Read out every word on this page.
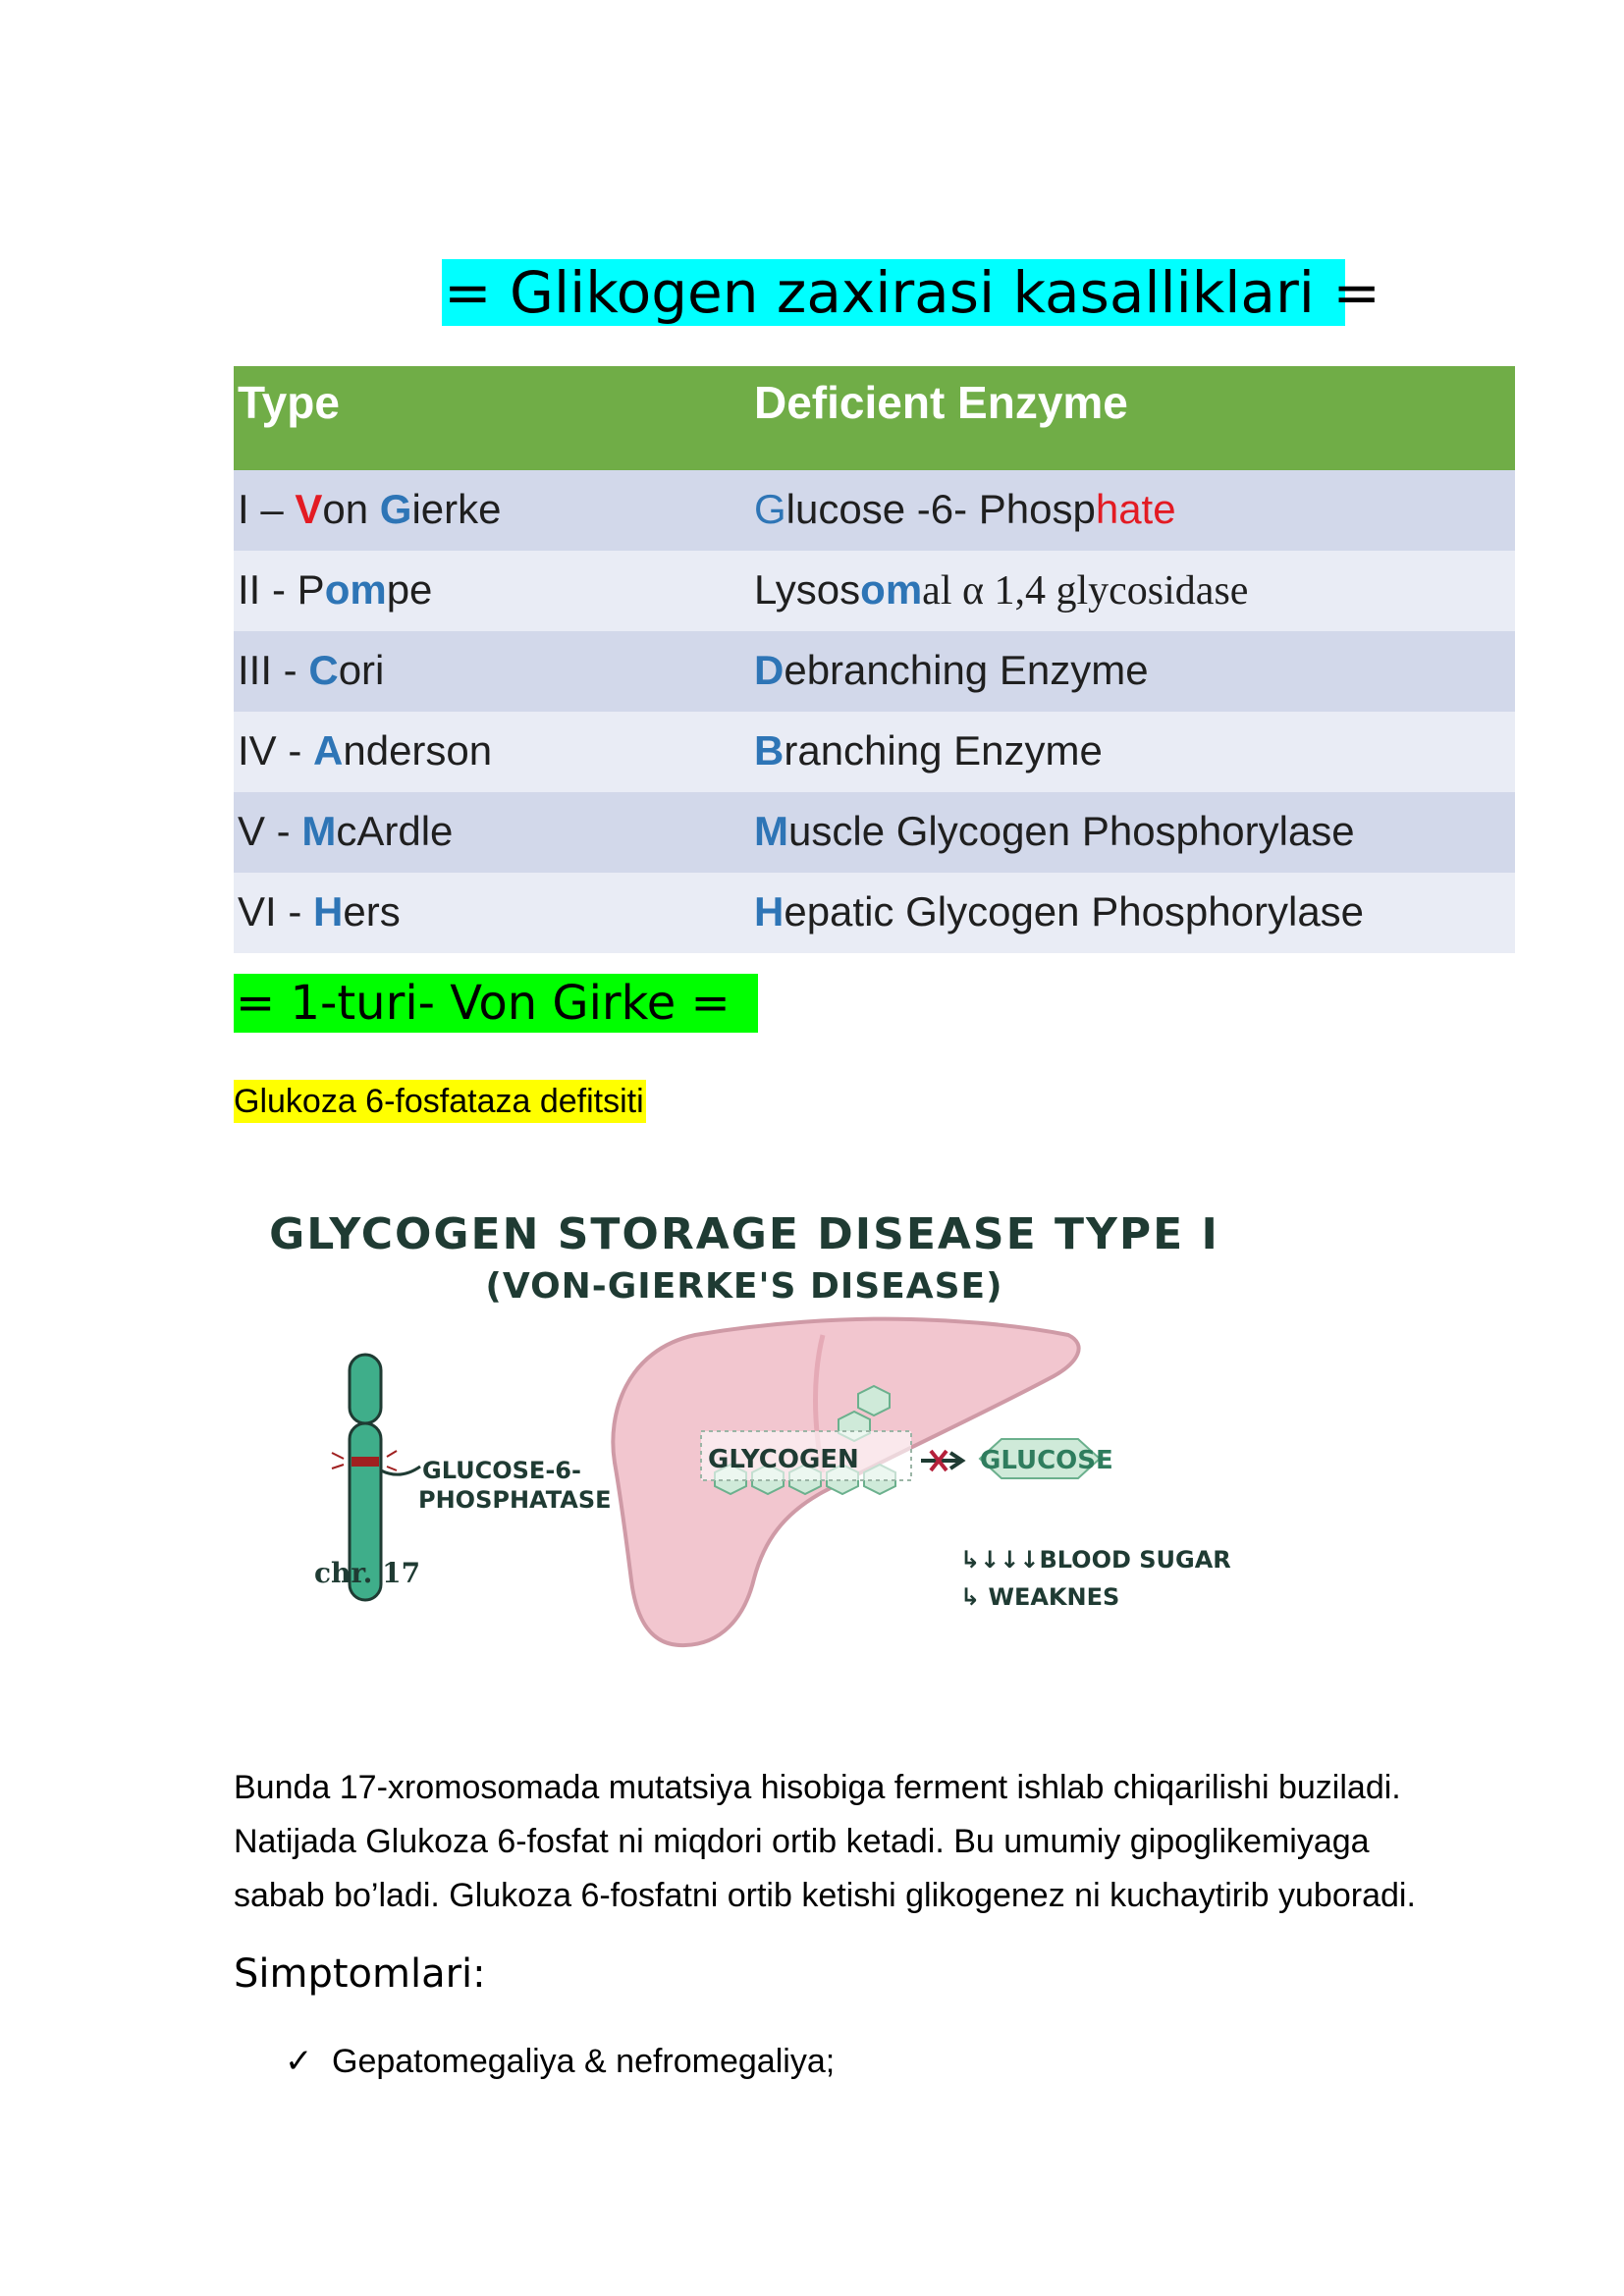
= Glikogen zaxirasi kasalliklari =
Type	Deficient Enzyme
I – Von Gierke	Glucose -6- Phosphate
II - Pompe	Lysosomal α 1,4 glycosidase
III - Cori	Debranching Enzyme
IV - Anderson	Branching Enzyme
V - McArdle	Muscle Glycogen Phosphorylase
VI - Hers	Hepatic Glycogen Phosphorylase
= 1-turi- Von Girke =
Glukoza 6-fosfataza defitsiti
GLYCOGEN STORAGE DISEASE TYPE I
(VON-GIERKE'S DISEASE)
GLUCOSE-6-
PHOSPHATASE
chr. 17
GLYCOGEN	GLUCOSE
↳↓↓↓BLOOD SUGAR
↳ WEAKNES

Bunda 17-xromosomada mutatsiya hisobiga ferment ishlab chiqarilishi buziladi.

Natijada Glukoza 6-fosfat ni miqdori ortib ketadi. Bu umumiy gipoglikemiyaga

sabab bo’ladi. Glukoza 6-fosfatni ortib ketishi glikogenez ni kuchaytirib yuboradi.

Simptomlari:
✓ Gepatomegaliya & nefromegaliya;
